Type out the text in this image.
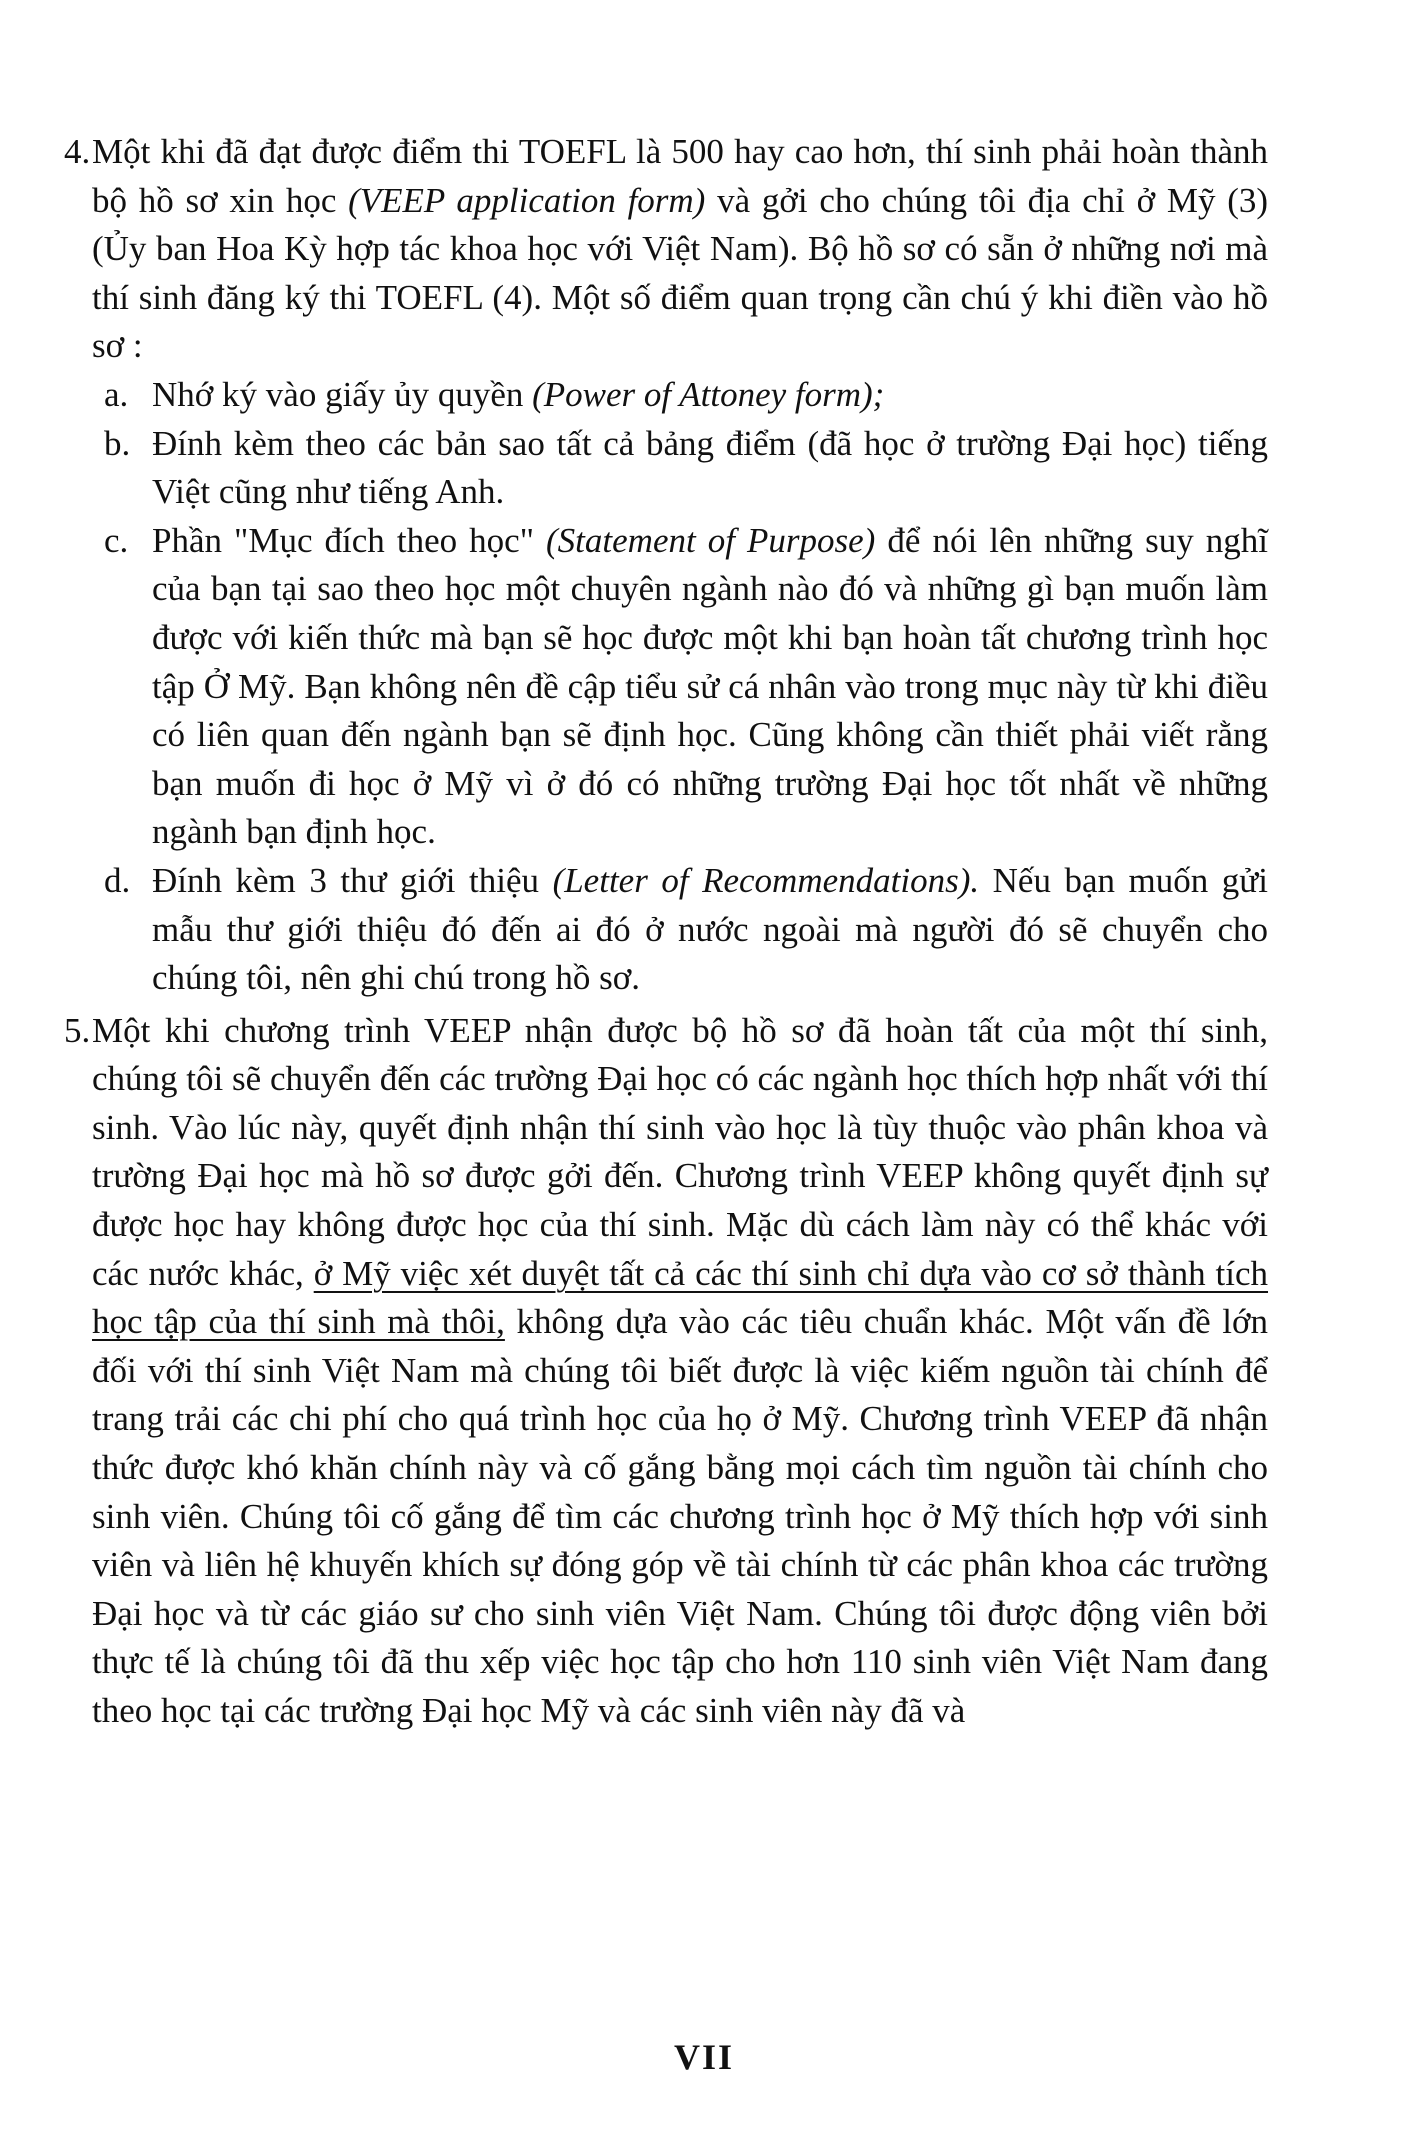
4. Một khi đã đạt được điểm thi TOEFL là 500 hay cao hơn, thí sinh phải hoàn thành bộ hồ sơ xin học (VEEP application form) và gởi cho chúng tôi địa chỉ ở Mỹ (3) (Ủy ban Hoa Kỳ hợp tác khoa học với Việt Nam). Bộ hồ sơ có sẵn ở những nơi mà thí sinh đăng ký thi TOEFL (4). Một số điểm quan trọng cần chú ý khi điền vào hồ sơ :

a. Nhớ ký vào giấy ủy quyền (Power of Attoney form);

b. Đính kèm theo các bản sao tất cả bảng điểm (đã học ở trường Đại học) tiếng Việt cũng như tiếng Anh.

c. Phần "Mục đích theo học" (Statement of Purpose) để nói lên những suy nghĩ của bạn tại sao theo học một chuyên ngành nào đó và những gì bạn muốn làm được với kiến thức mà bạn sẽ học được một khi bạn hoàn tất chương trình học tập Ở Mỹ. Bạn không nên đề cập tiểu sử cá nhân vào trong mục này từ khi điều có liên quan đến ngành bạn sẽ định học. Cũng không cần thiết phải viết rằng bạn muốn đi học ở Mỹ vì ở đó có những trường Đại học tốt nhất về những ngành bạn định học.

d. Đính kèm 3 thư giới thiệu (Letter of Recommendations). Nếu bạn muốn gửi mẫu thư giới thiệu đó đến ai đó ở nước ngoài mà người đó sẽ chuyển cho chúng tôi, nên ghi chú trong hồ sơ.

5. Một khi chương trình VEEP nhận được bộ hồ sơ đã hoàn tất của một thí sinh, chúng tôi sẽ chuyển đến các trường Đại học có các ngành học thích hợp nhất với thí sinh. Vào lúc này, quyết định nhận thí sinh vào học là tùy thuộc vào phân khoa và trường Đại học mà hồ sơ được gởi đến. Chương trình VEEP không quyết định sự được học hay không được học của thí sinh. Mặc dù cách làm này có thể khác với các nước khác, ở Mỹ việc xét duyệt tất cả các thí sinh chỉ dựa vào cơ sở thành tích học tập của thí sinh mà thôi, không dựa vào các tiêu chuẩn khác. Một vấn đề lớn đối với thí sinh Việt Nam mà chúng tôi biết được là việc kiếm nguồn tài chính để trang trải các chi phí cho quá trình học của họ ở Mỹ. Chương trình VEEP đã nhận thức được khó khăn chính này và cố gắng bằng mọi cách tìm nguồn tài chính cho sinh viên. Chúng tôi cố gắng để tìm các chương trình học ở Mỹ thích hợp với sinh viên và liên hệ khuyến khích sự đóng góp về tài chính từ các phân khoa các trường Đại học và từ các giáo sư cho sinh viên Việt Nam. Chúng tôi được động viên bởi thực tế là chúng tôi đã thu xếp việc học tập cho hơn 110 sinh viên Việt Nam đang theo học tại các trường Đại học Mỹ và các sinh viên này đã và

VII
